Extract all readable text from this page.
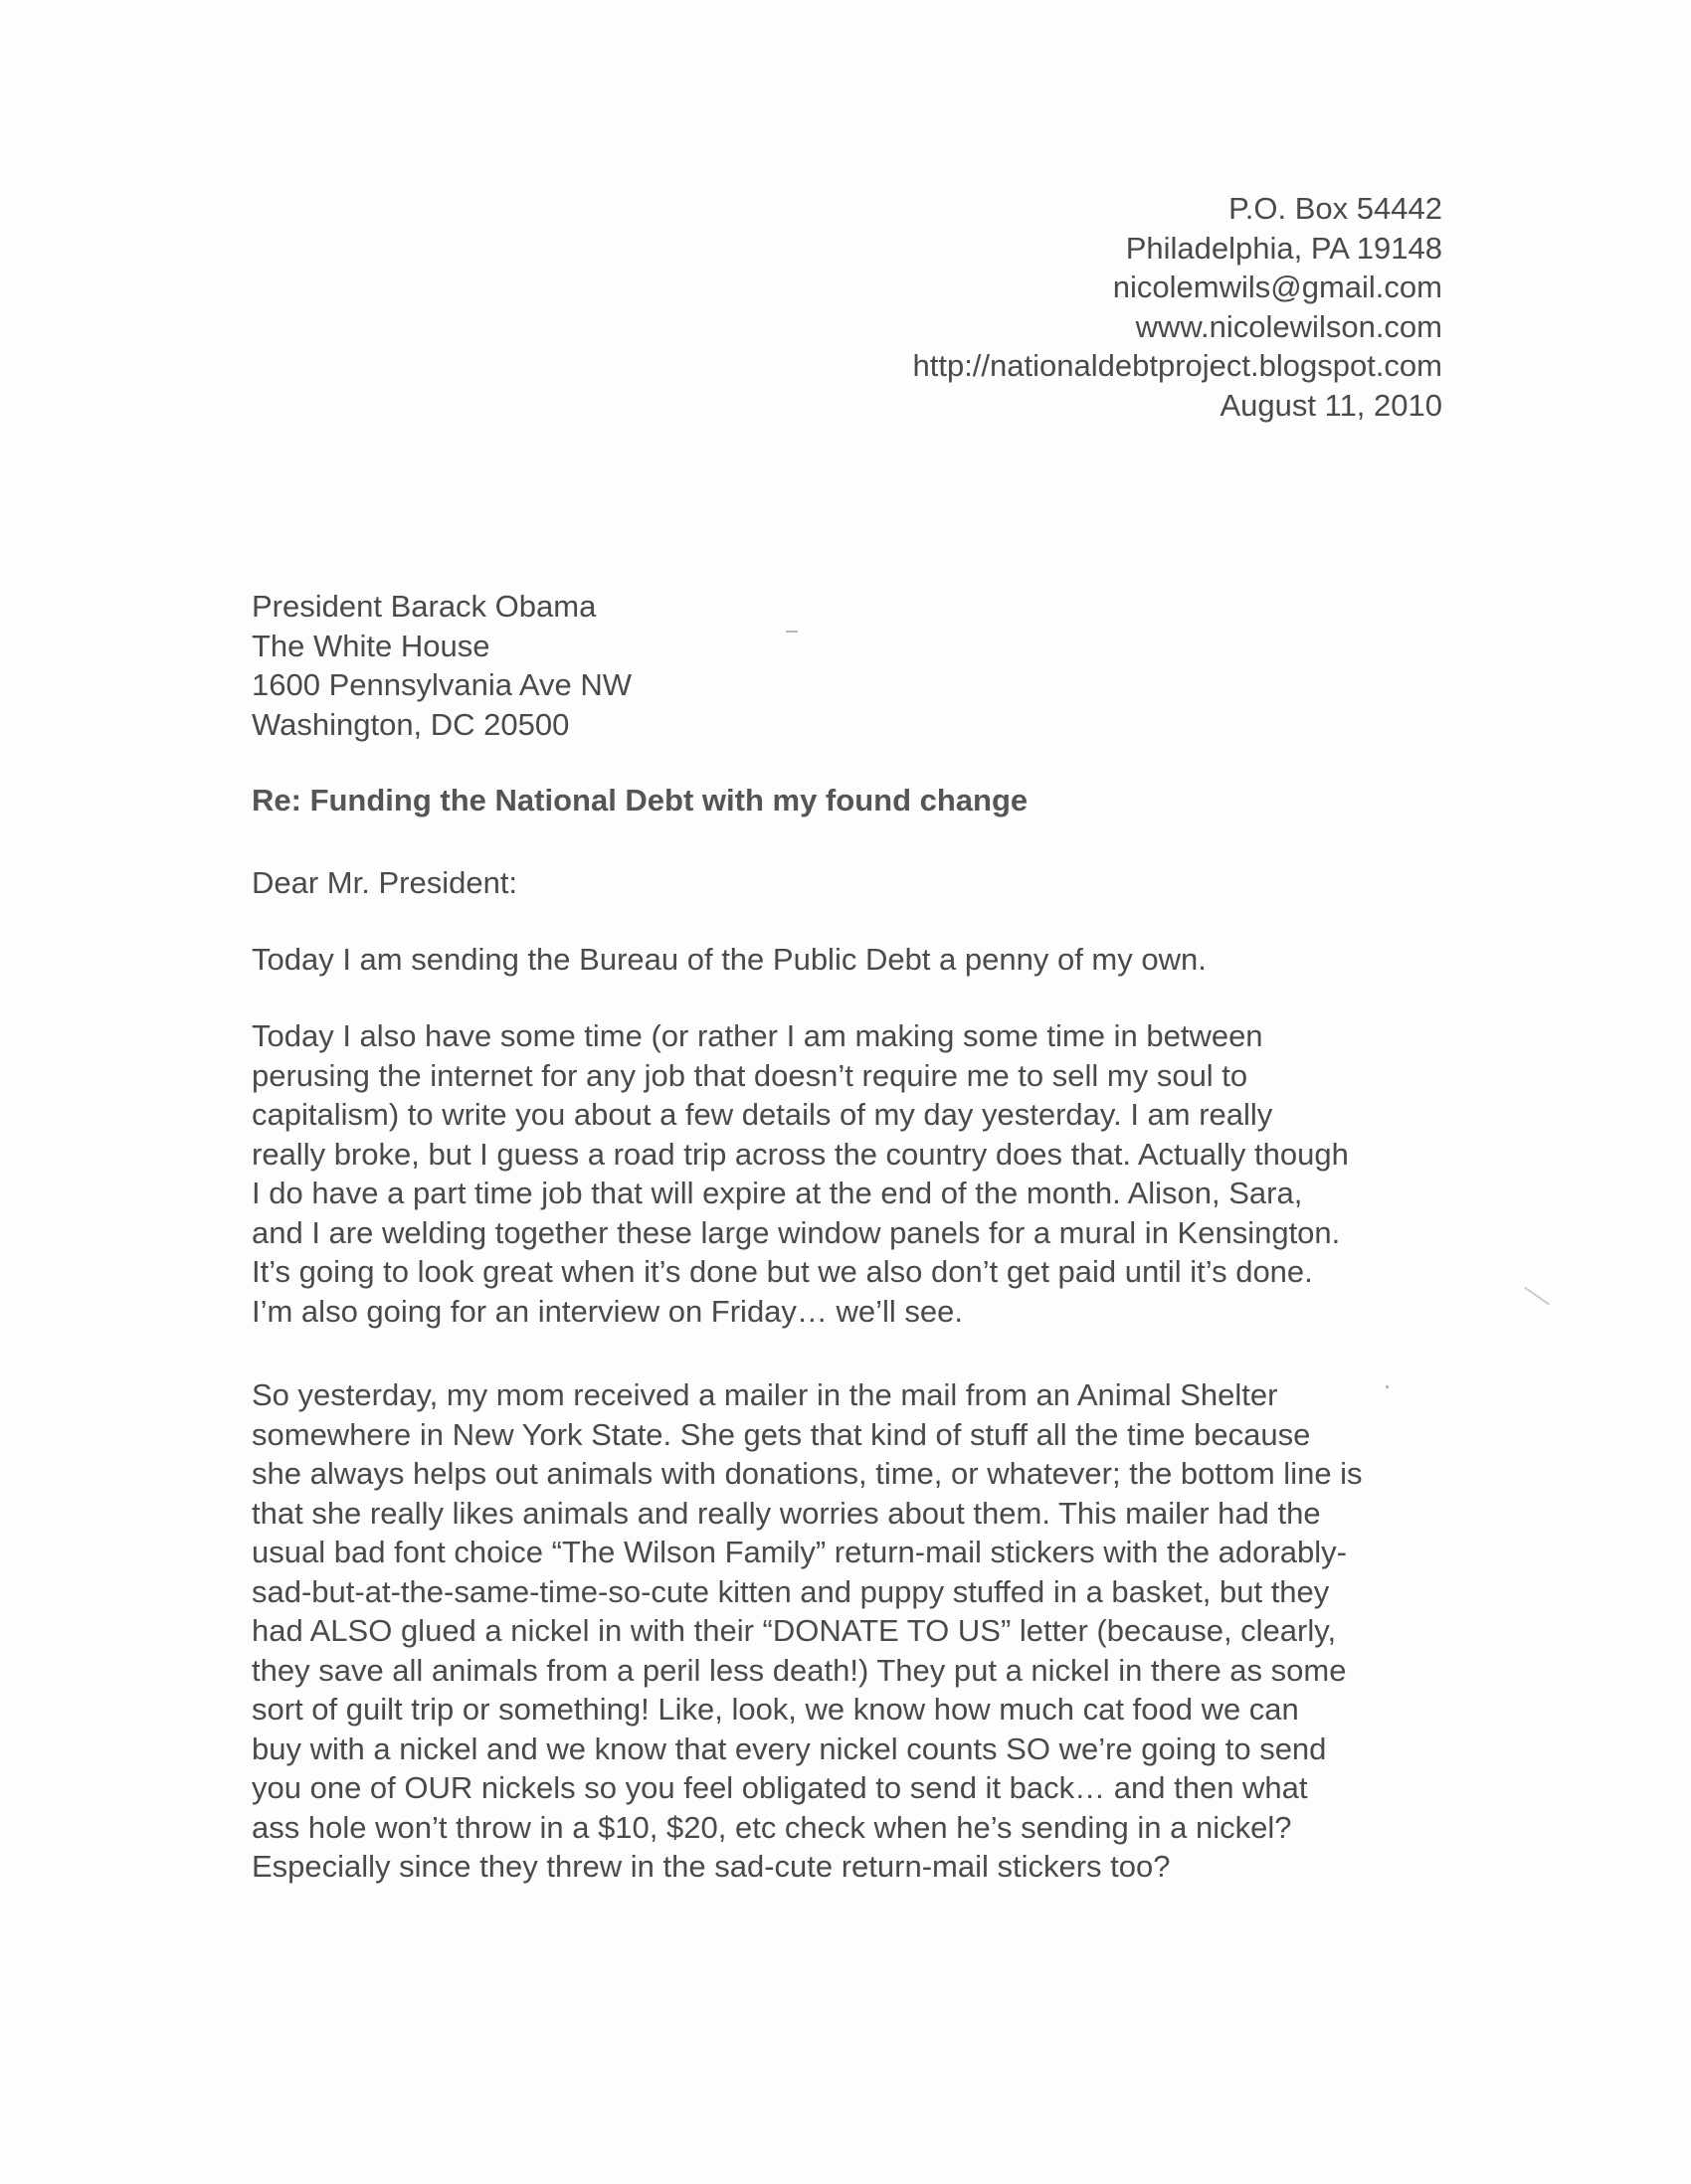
P.O. Box 54442
Philadelphia, PA 19148
nicolemwils@gmail.com
www.nicolewilson.com
http://nationaldebtproject.blogspot.com
August 11, 2010
President Barack Obama
The White House
1600 Pennsylvania Ave NW
Washington, DC 20500
Re: Funding the National Debt with my found change
Dear Mr. President:
Today I am sending the Bureau of the Public Debt a penny of my own.
Today I also have some time (or rather I am making some time in between
perusing the internet for any job that doesn’t require me to sell my soul to
capitalism) to write you about a few details of my day yesterday. I am really
really broke, but I guess a road trip across the country does that. Actually though
I do have a part time job that will expire at the end of the month. Alison, Sara,
and I are welding together these large window panels for a mural in Kensington.
It’s going to look great when it’s done but we also don’t get paid until it’s done.
I’m also going for an interview on Friday… we’ll see.
So yesterday, my mom received a mailer in the mail from an Animal Shelter
somewhere in New York State. She gets that kind of stuff all the time because
she always helps out animals with donations, time, or whatever; the bottom line is
that she really likes animals and really worries about them. This mailer had the
usual bad font choice “The Wilson Family” return-mail stickers with the adorably-
sad-but-at-the-same-time-so-cute kitten and puppy stuffed in a basket, but they
had ALSO glued a nickel in with their “DONATE TO US” letter (because, clearly,
they save all animals from a peril less death!) They put a nickel in there as some
sort of guilt trip or something! Like, look, we know how much cat food we can
buy with a nickel and we know that every nickel counts SO we’re going to send
you one of OUR nickels so you feel obligated to send it back… and then what
ass hole won’t throw in a $10, $20, etc check when he’s sending in a nickel?
Especially since they threw in the sad-cute return-mail stickers too?
